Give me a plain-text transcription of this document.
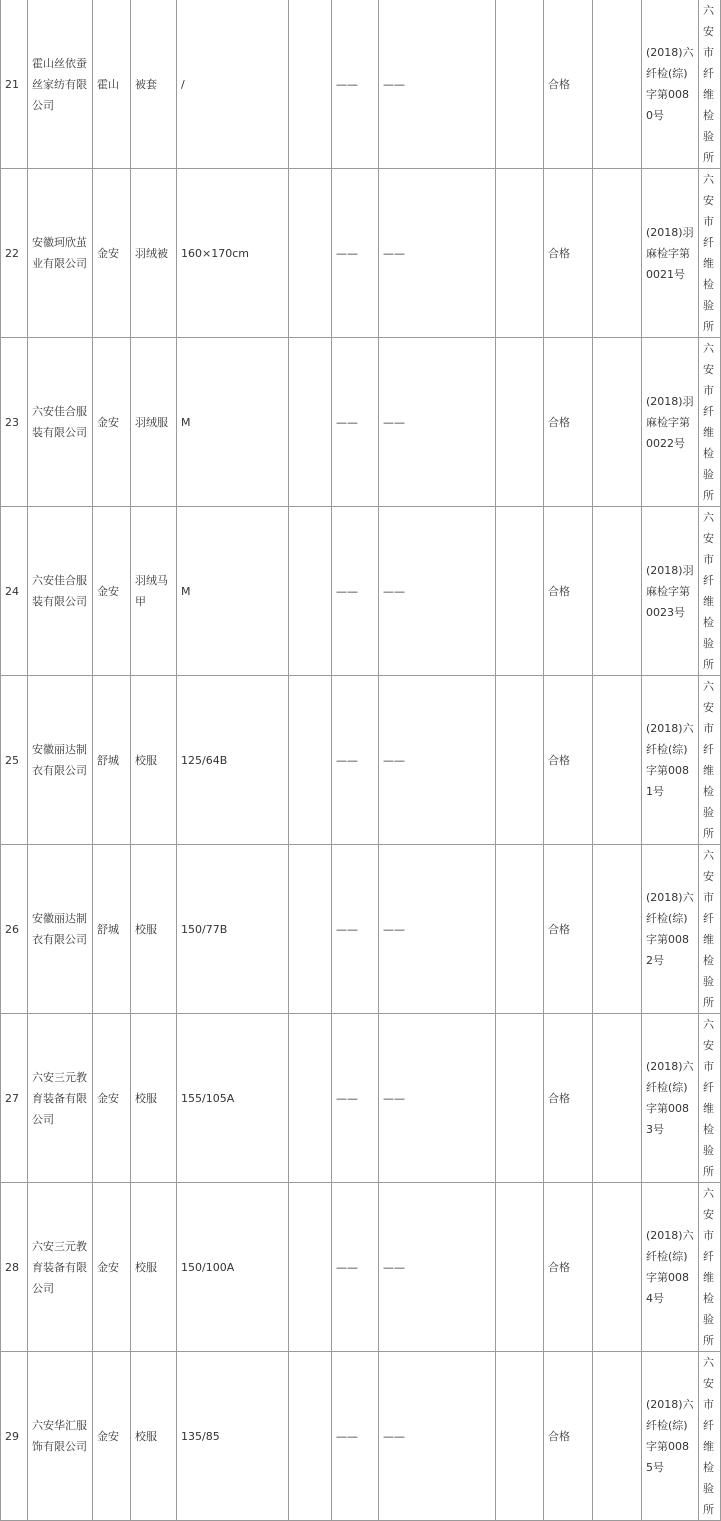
21	霍山丝依蚕丝家纺有限公司	霍山	被套	/		——	——		合格		(2018)六纤检(综)字第0080号	六安市纤维检验所
22	安徽珂欣茧业有限公司	金安	羽绒被	160×170cm		——	——		合格		(2018)羽麻检字第0021号	六安市纤维检验所
23	六安佳合服装有限公司	金安	羽绒服	M		——	——		合格		(2018)羽麻检字第0022号	六安市纤维检验所
24	六安佳合服装有限公司	金安	羽绒马甲	M		——	——		合格		(2018)羽麻检字第0023号	六安市纤维检验所
25	安徽丽达制衣有限公司	舒城	校服	125/64B		——	——		合格		(2018)六纤检(综)字第0081号	六安市纤维检验所
26	安徽丽达制衣有限公司	舒城	校服	150/77B		——	——		合格		(2018)六纤检(综)字第0082号	六安市纤维检验所
27	六安三元教育装备有限公司	金安	校服	155/105A		——	——		合格		(2018)六纤检(综)字第0083号	六安市纤维检验所
28	六安三元教育装备有限公司	金安	校服	150/100A		——	——		合格		(2018)六纤检(综)字第0084号	六安市纤维检验所
29	六安华汇服饰有限公司	金安	校服	135/85		——	——		合格		(2018)六纤检(综)字第0085号	六安市纤维检验所
